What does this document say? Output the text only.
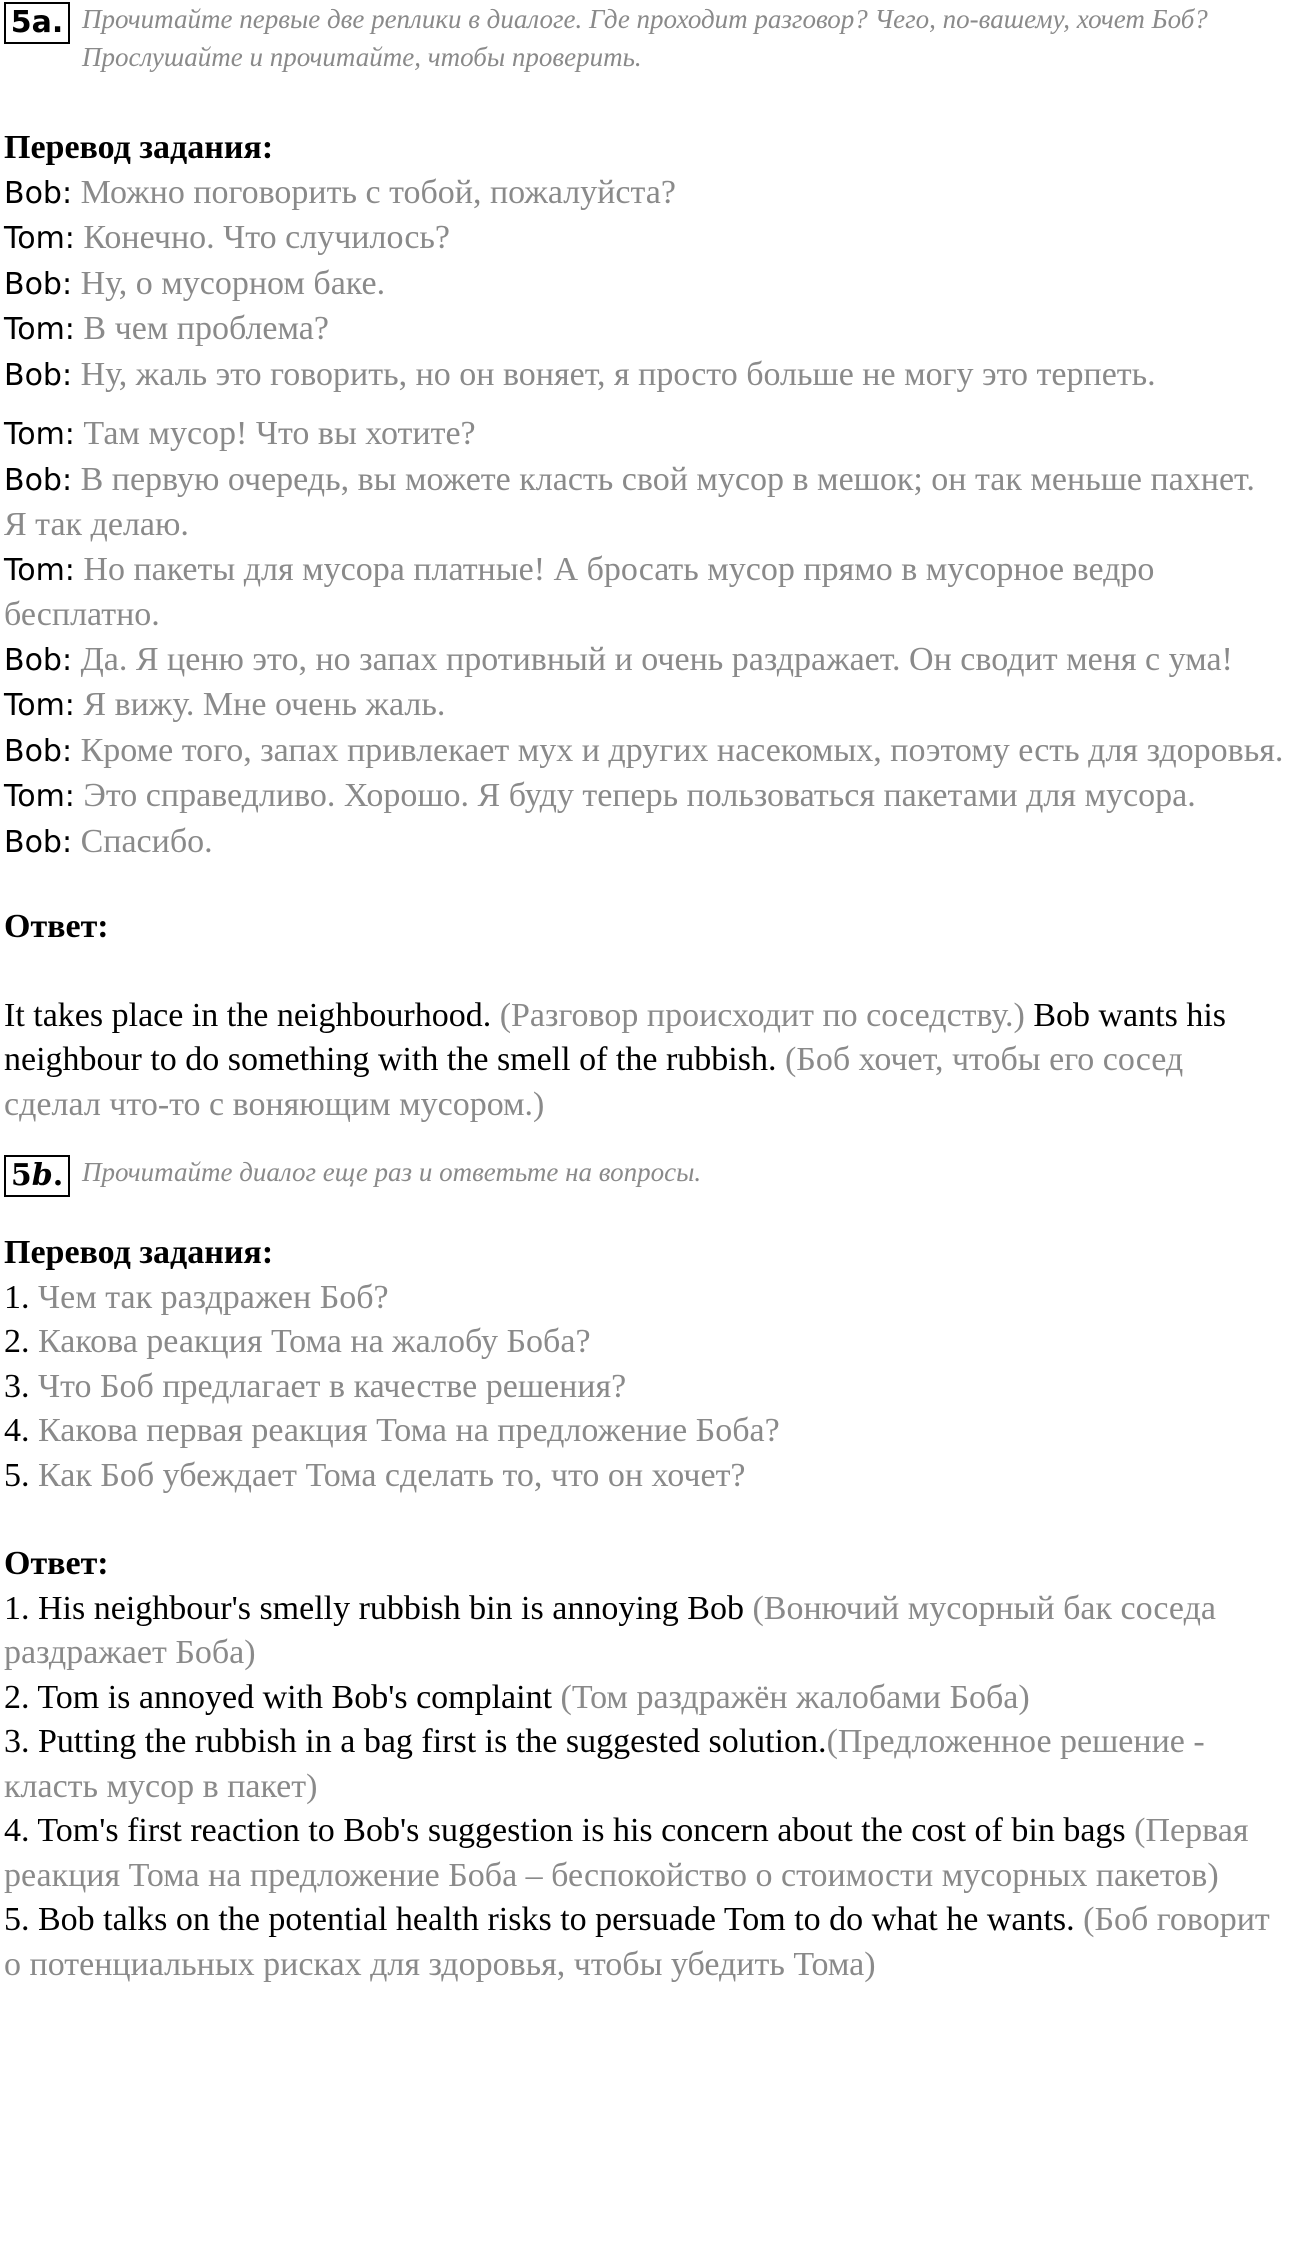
5a. Прочитайте первые две реплики в диалоге. Где проходит разговор? Чего, по-вашему, хочет Боб? Прослушайте и прочитайте, чтобы проверить.
Перевод задания:
Bob: Можно поговорить с тобой, пожалуйста?
Tom: Конечно. Что случилось?
Bob: Ну, о мусорном баке.
Tom: В чем проблема?
Bob: Ну, жаль это говорить, но он воняет, я просто больше не могу это терпеть.
Tom: Там мусор! Что вы хотите?
Bob: В первую очередь, вы можете класть свой мусор в мешок; он так меньше пахнет. Я так делаю.
Tom: Но пакеты для мусора платные! А бросать мусор прямо в мусорное ведро бесплатно.
Bob: Да. Я ценю это, но запах противный и очень раздражает. Он сводит меня с ума!
Tom: Я вижу. Мне очень жаль.
Bob: Кроме того, запах привлекает мух и других насекомых, поэтому есть для здоровья.
Tom: Это справедливо. Хорошо. Я буду теперь пользоваться пакетами для мусора.
Bob: Спасибо.
Ответ:
It takes place in the neighbourhood. (Разговор происходит по соседству.) Bob wants his neighbour to do something with the smell of the rubbish. (Боб хочет, чтобы его сосед сделал что-то с воняющим мусором.)
5b. Прочитайте диалог еще раз и ответьте на вопросы.
Перевод задания:
1. Чем так раздражен Боб?
2. Какова реакция Тома на жалобу Боба?
3. Что Боб предлагает в качестве решения?
4. Какова первая реакция Тома на предложение Боба?
5. Как Боб убеждает Тома сделать то, что он хочет?
Ответ:
1. His neighbour's smelly rubbish bin is annoying Bob (Вонючий мусорный бак соседа раздражает Боба)
2. Tom is annoyed with Bob's complaint (Том раздражён жалобами Боба)
3. Putting the rubbish in a bag first is the suggested solution.(Предложенное решение - класть мусор в пакет)
4. Tom's first reaction to Bob's suggestion is his concern about the cost of bin bags (Первая реакция Тома на предложение Боба – беспокойство о стоимости мусорных пакетов)
5. Bob talks on the potential health risks to persuade Tom to do what he wants. (Боб говорит о потенциальных рисках для здоровья, чтобы убедить Тома)
